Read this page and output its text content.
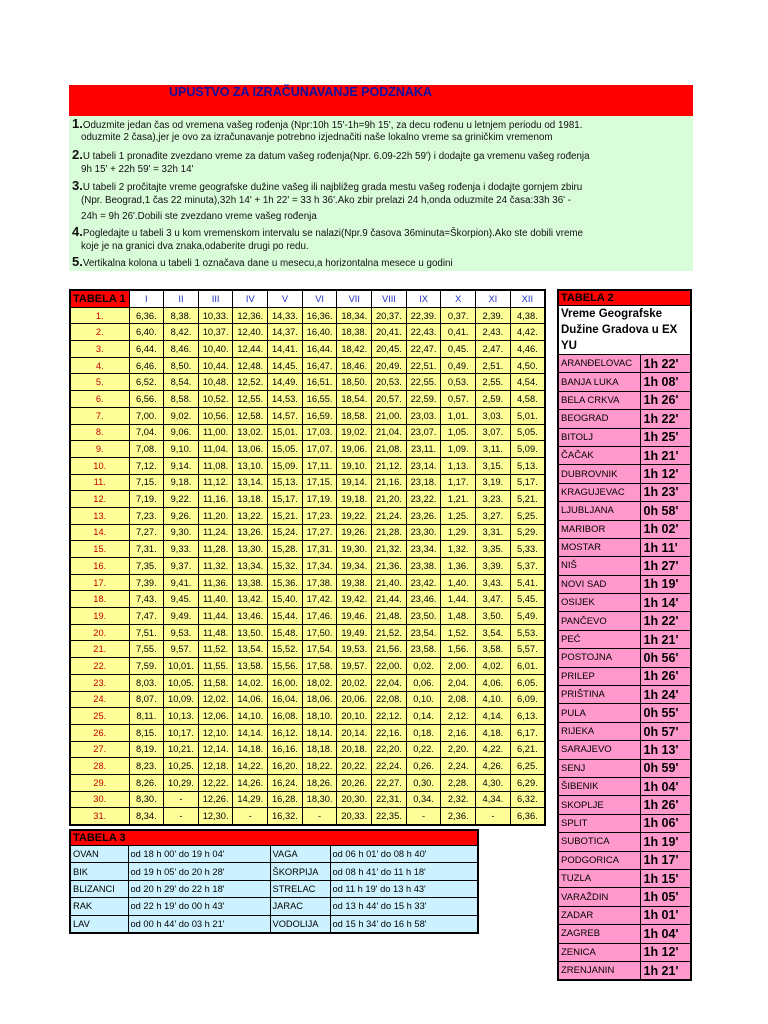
UPUSTVO ZA IZRAČUNAVANJE PODZNAKA
1.Oduzmite jedan čas od vremena vašeg rođenja (Npr:10h 15'-1h=9h 15', za decu rođenu u letnjem periodu od 1981.
oduzmite 2 časa),jer je ovo za izračunavanje potrebno izjednačiti naše lokalno vreme sa griničkim vremenom
2.U tabeli 1 pronađite zvezdano vreme za datum vašeg rođenja(Npr. 6.09-22h 59') i dodajte ga vremenu vašeg rođenja
9h 15' + 22h 59' = 32h 14'
3.U tabeli 2 pročitajte vreme geografske dužine vašeg ili najbližeg grada mestu vašeg rođenja i dodajte gornjem zbiru
(Npr. Beograd,1 čas 22 minuta),32h 14' + 1h 22' = 33 h 36'.Ako zbir prelazi 24 h,onda oduzmite 24 časa:33h 36' -
24h = 9h 26'.Dobili ste zvezdano vreme vašeg rođenja
4.Pogledajte u tabeli 3 u kom vremenskom intervalu se nalazi(Npr.9 časova 36minuta=Škorpion).Ako ste dobili vreme
koje je na granici dva znaka,odaberite drugi po redu.
5.Vertikalna kolona u tabeli 1 označava dane u mesecu,a horizontalna mesece u godini
TABELA 1	I	II	III	IV	V	VI	VII	VIII	IX	X	XI	XII
1.	6,36.	8,38.	10,33.	12,36.	14,33.	16,36.	18,34.	20,37.	22,39.	0,37.	2,39.	4,38.
2.	6,40.	8,42.	10,37.	12,40.	14,37.	16,40.	18,38.	20,41.	22,43.	0,41.	2,43.	4,42.
3.	6,44.	8,46.	10,40.	12,44.	14,41.	16,44.	18,42.	20,45.	22,47.	0,45.	2,47.	4,46.
4.	6,46.	8,50.	10,44.	12,48.	14,45.	16,47.	18,46.	20,49.	22,51.	0,49.	2,51.	4,50.
5.	6,52.	8,54.	10,48.	12,52.	14,49.	16,51.	18,50.	20,53.	22,55.	0,53.	2,55.	4,54.
6.	6,56.	8,58.	10,52.	12,55.	14,53.	16,55.	18,54.	20,57.	22,59.	0,57.	2,59.	4,58.
7.	7,00.	9,02.	10,56.	12,58.	14,57.	16,59.	18,58.	21,00.	23,03.	1,01.	3,03.	5,01.
8.	7,04.	9,06.	11,00.	13,02.	15,01.	17,03.	19,02.	21,04.	23,07.	1,05.	3,07.	5,05.
9.	7,08.	9,10.	11,04.	13,06.	15,05.	17,07.	19,06.	21,08.	23,11.	1,09.	3,11.	5,09.
10.	7,12.	9,14.	11,08.	13,10.	15,09.	17,11.	19,10.	21,12.	23,14.	1,13.	3,15.	5,13.
11.	7,15.	9,18.	11,12.	13,14.	15,13.	17,15.	19,14.	21,16.	23,18.	1,17.	3,19.	5,17.
12.	7,19.	9,22.	11,16.	13,18.	15,17.	17,19.	19,18.	21,20.	23,22.	1,21.	3,23.	5,21.
13.	7,23.	9,26.	11,20.	13,22.	15,21.	17,23.	19,22.	21,24.	23,26.	1,25.	3,27.	5,25.
14.	7,27.	9,30.	11,24.	13,26.	15,24.	17,27.	19,26.	21,28.	23,30.	1,29.	3,31.	5,29.
15.	7,31.	9,33.	11,28.	13,30.	15,28.	17,31.	19,30.	21,32.	23,34.	1,32.	3,35.	5,33.
16.	7,35.	9,37.	11,32.	13,34.	15,32.	17,34.	19,34.	21,36.	23,38.	1,36.	3,39.	5,37.
17.	7,39.	9,41.	11,36.	13,38.	15,36.	17,38.	19,38.	21,40.	23,42.	1,40.	3,43.	5,41.
18.	7,43.	9,45.	11,40.	13,42.	15,40.	17,42.	19,42.	21,44.	23,46.	1,44.	3,47.	5,45.
19.	7,47.	9,49.	11,44.	13,46.	15,44.	17,46.	19,46.	21,48.	23,50.	1,48.	3,50.	5,49.
20.	7,51.	9,53.	11,48.	13,50.	15,48.	17,50.	19,49.	21,52.	23,54.	1,52.	3,54.	5,53.
21.	7,55.	9,57.	11,52.	13,54.	15,52.	17,54.	19,53.	21,56.	23,58.	1,56.	3,58.	5,57.
22.	7,59.	10,01.	11,55.	13,58.	15,56.	17,58.	19,57.	22,00.	0,02.	2,00.	4,02.	6,01.
23.	8,03.	10,05.	11,58.	14,02.	16,00.	18,02.	20,02.	22,04.	0,06.	2,04.	4,06.	6,05.
24.	8,07.	10,09.	12,02.	14,06.	16,04.	18,06.	20,06.	22,08.	0,10.	2,08.	4,10.	6,09.
25.	8,11.	10,13.	12,06.	14,10.	16,08.	18,10.	20,10.	22,12.	0,14.	2,12.	4,14.	6,13.
26.	8,15.	10,17.	12,10.	14,14.	16,12.	18,14.	20,14.	22,16.	0,18.	2,16.	4,18.	6,17.
27.	8,19.	10,21.	12,14.	14,18.	16,16.	18,18.	20,18.	22,20.	0,22.	2,20.	4,22.	6,21.
28.	8,23.	10,25.	12,18.	14,22.	16,20.	18,22.	20,22.	22,24.	0,26.	2,24.	4,26.	6,25.
29.	8,26.	10,29.	12,22.	14,26.	16,24.	18,26.	20,26.	22,27.	0,30.	2,28.	4,30.	6,29.
30.	8,30.	-	12,26.	14,29.	16,28.	18,30.	20,30.	22,31.	0,34.	2,32.	4,34.	6,32.
31.	8,34.	-	12,30.	-	16,32.	-	20,33.	22,35.	-	2,36.	-	6,36.
TABELA 2	
Vreme Geografske Dužine Gradova u EX YU	
ARANĐELOVAC	1h 22'
BANJA LUKA	1h 08'
BELA CRKVA	1h 26'
BEOGRAD	1h 22'
BITOLJ	1h 25'
ČAČAK	1h 21'
DUBROVNIK	1h 12'
KRAGUJEVAC	1h 23'
LJUBLJANA	0h 58'
MARIBOR	1h 02'
MOSTAR	1h 11'
NIŠ	1h 27'
NOVI SAD	1h 19'
OSIJEK	1h 14'
PANČEVO	1h 22'
PEĆ	1h 21'
POSTOJNA	0h 56'
PRILEP	1h 26'
PRIŠTINA	1h 24'
PULA	0h 55'
RIJEKA	0h 57'
SARAJEVO	1h 13'
SENJ	0h 59'
ŠIBENIK	1h 04'
SKOPLJE	1h 26'
SPLIT	1h 06'
SUBOTICA	1h 19'
PODGORICA	1h 17'
TUZLA	1h 15'
VARAŽDIN	1h 05'
ZADAR	1h 01'
ZAGREB	1h 04'
ZENICA	1h 12'
ZRENJANIN	1h 21'
TABELA 3			
OVAN	od 18 h 00' do 19 h 04'	VAGA	od 06 h 01' do 08 h 40'
BIK	od 19 h 05' do 20 h 28'	ŠKORPIJA	od 08 h 41' do 11 h 18'
BLIZANCI	od 20 h 29' do 22 h 18'	STRELAC	od 11 h 19' do 13 h 43'
RAK	od 22 h 19' do 00 h 43'	JARAC	od 13 h 44' do 15 h 33'
LAV	od 00 h 44' do 03 h 21'	VODOLIJA	od 15 h 34' do 16 h 58'
